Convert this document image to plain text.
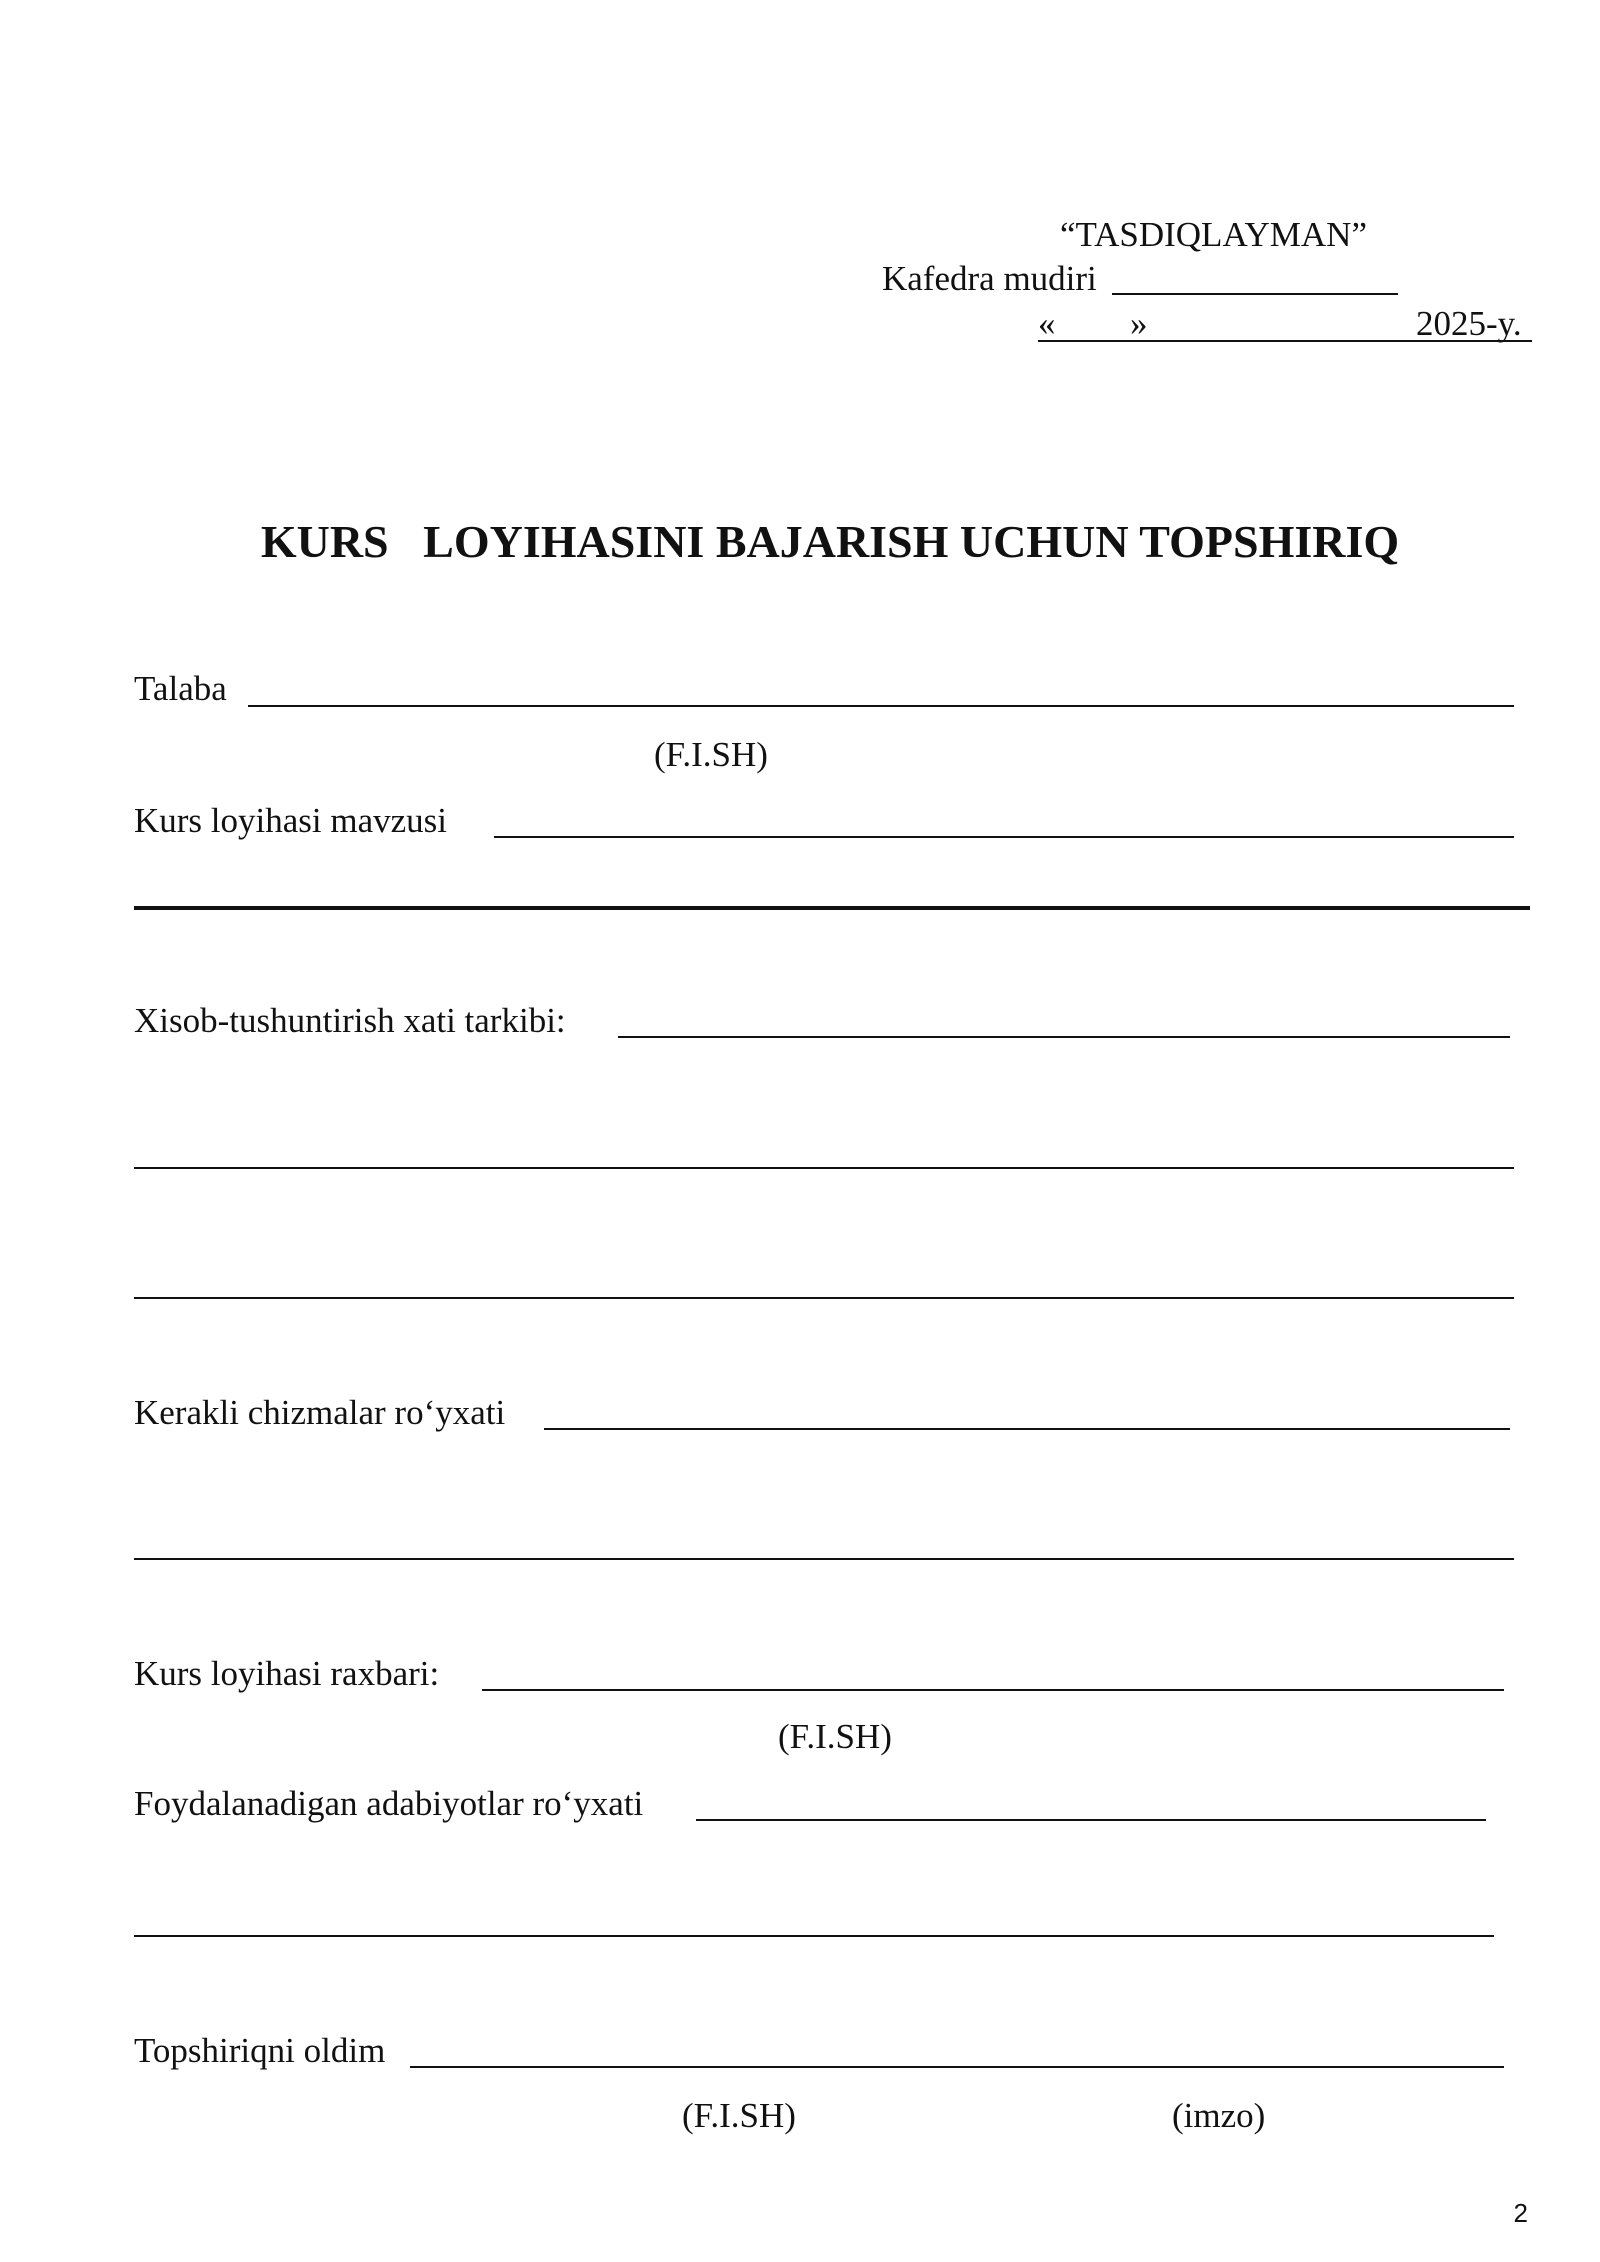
“TASDIQLAYMAN”
Kafedra mudiri
« »	2025-y.
KURS   LOYIHASINI BAJARISH UCHUN TOPSHIRIQ
Talaba
(F.I.SH)
Kurs loyihasi mavzusi
Xisob-tushuntirish xati tarkibi:
Kerakli chizmalar ro‘yxati
Kurs loyihasi raxbari:
(F.I.SH)
Foydalanadigan adabiyotlar ro‘yxati
Topshiriqni oldim
(F.I.SH)	(imzo)
2
